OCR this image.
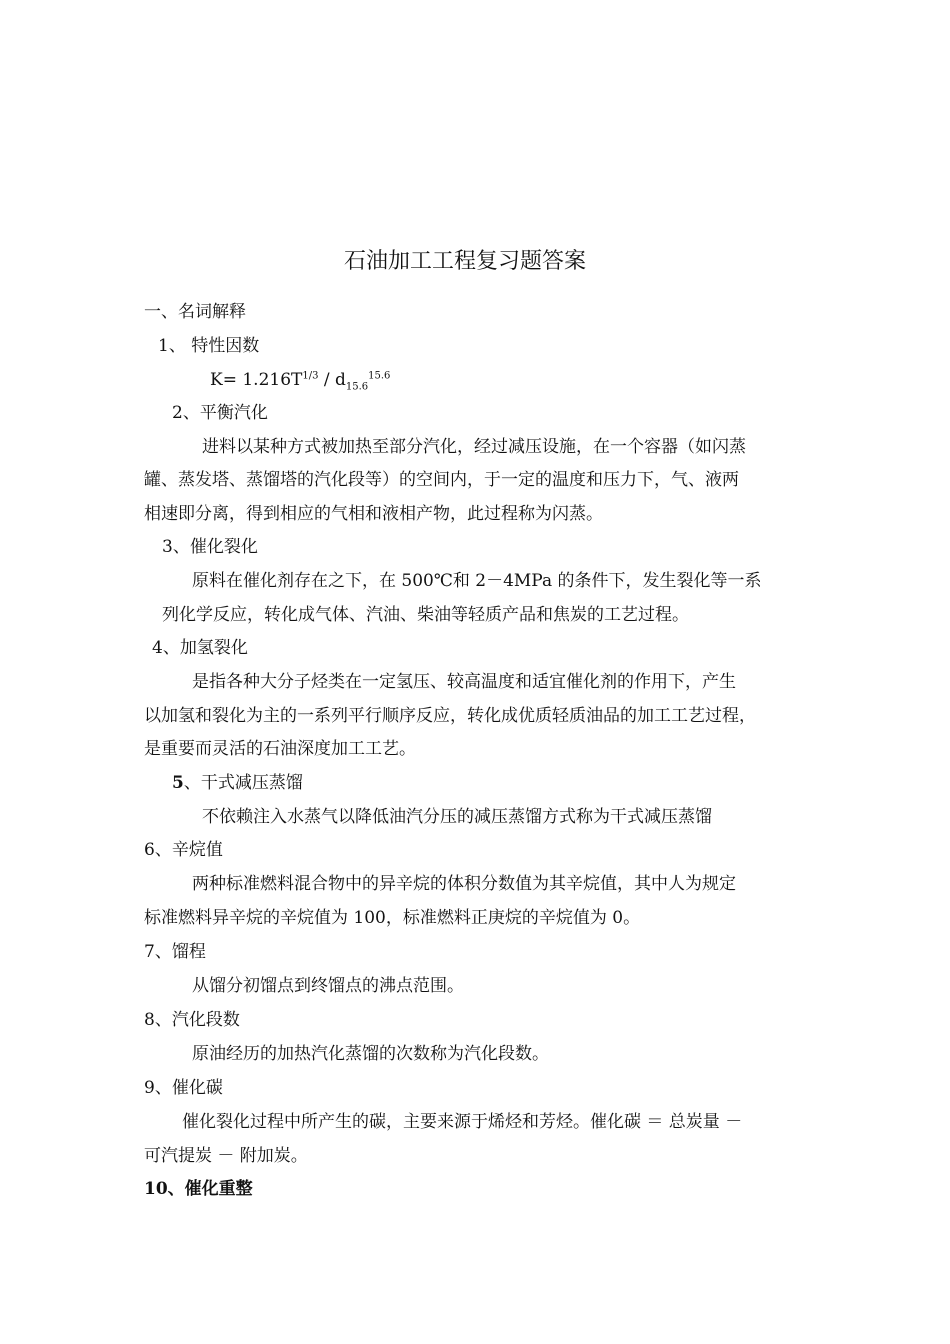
石油加工工程复习题答案
一、名词解释
1、 特性因数
$K= 1.216T^{1/3} / d_{15.6}^{15.6}$
2、平衡汽化
进料以某种方式被加热至部分汽化，经过减压设施，在一个容器（如闪蒸
罐、蒸发塔、蒸馏塔的汽化段等）的空间内，于一定的温度和压力下，气、液两
相速即分离，得到相应的气相和液相产物，此过程称为闪蒸。
3、催化裂化
原料在催化剂存在之下，在 500℃和 2－4MPa 的条件下，发生裂化等一系
列化学反应，转化成气体、汽油、柴油等轻质产品和焦炭的工艺过程。
4、加氢裂化
是指各种大分子烃类在一定氢压、较高温度和适宜催化剂的作用下，产生
以加氢和裂化为主的一系列平行顺序反应，转化成优质轻质油品的加工工艺过程，
是重要而灵活的石油深度加工工艺。
5、干式减压蒸馏
不依赖注入水蒸气以降低油汽分压的减压蒸馏方式称为干式减压蒸馏
6、辛烷值
两种标准燃料混合物中的异辛烷的体积分数值为其辛烷值，其中人为规定
标准燃料异辛烷的辛烷值为 100，标准燃料正庚烷的辛烷值为 0。
7、馏程
从馏分初馏点到终馏点的沸点范围。
8、汽化段数
原油经历的加热汽化蒸馏的次数称为汽化段数。
9、催化碳
催化裂化过程中所产生的碳，主要来源于烯烃和芳烃。催化碳 ＝ 总炭量 －
可汽提炭 － 附加炭。
10、催化重整
